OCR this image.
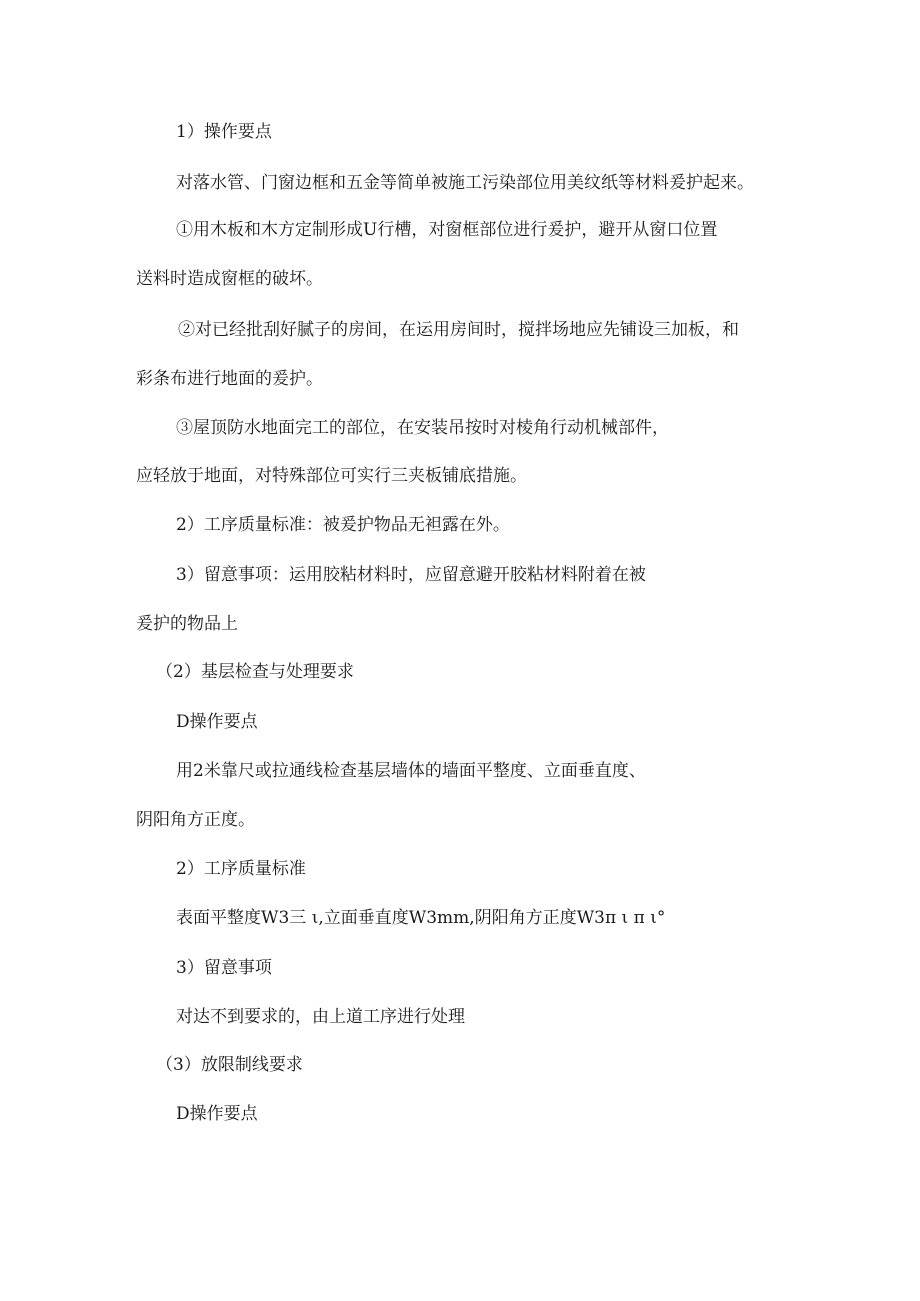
1）操作要点
对落水管、门窗边框和五金等简单被施工污染部位用美纹纸等材料爰护起来。
①用木板和木方定制形成U行槽，对窗框部位进行爰护，避开从窗口位置
送料时造成窗框的破坏。
②对已经批刮好腻子的房间，在运用房间时，搅拌场地应先铺设三加板，和
彩条布进行地面的爰护。
③屋顶防水地面完工的部位，在安装吊按时对棱角行动机械部件，
应轻放于地面，对特殊部位可实行三夹板铺底措施。
2）工序质量标准：被爰护物品无袒露在外。
3）留意事项：运用胶粘材料时，应留意避开胶粘材料附着在被
爰护的物品上
（2）基层检查与处理要求
D操作要点
用2米靠尺或拉通线检查基层墙体的墙面平整度、立面垂直度、
阴阳角方正度。
2）工序质量标准
表面平整度W3三 ι,立面垂直度W3mm,阴阳角方正度W3π ι π ι°
3）留意事项
对达不到要求的，由上道工序进行处理
（3）放限制线要求
D操作要点
